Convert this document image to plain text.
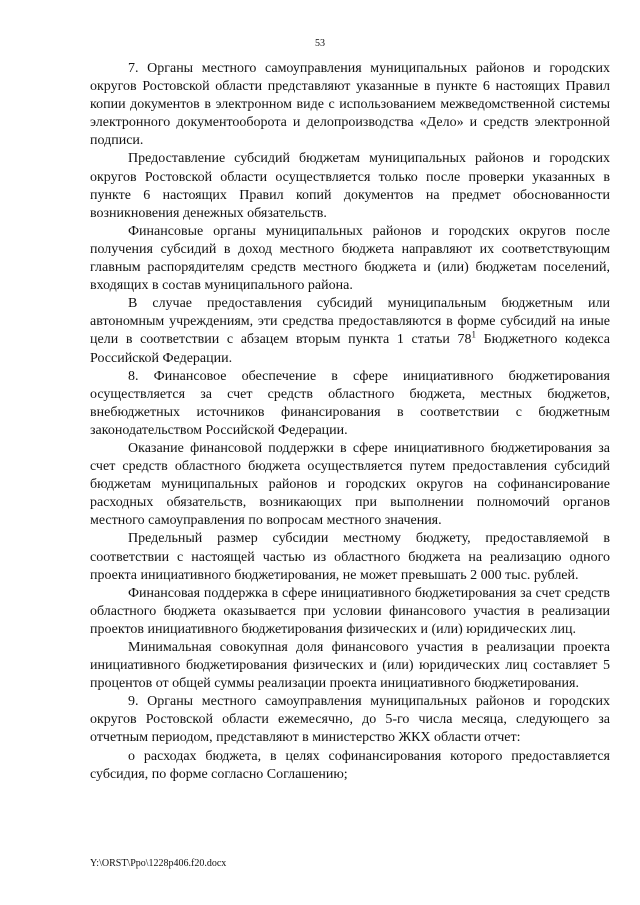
53

7. Органы местного самоуправления муниципальных районов и городских округов Ростовской области представляют указанные в пункте 6 настоящих Правил копии документов в электронном виде с использованием межведомственной системы электронного документооборота и делопроизводства «Дело» и средств электронной подписи.

Предоставление субсидий бюджетам муниципальных районов и городских округов Ростовской области осуществляется только после проверки указанных в пункте 6 настоящих Правил копий документов на предмет обоснованности возникновения денежных обязательств.

Финансовые органы муниципальных районов и городских округов после получения субсидий в доход местного бюджета направляют их соответствующим главным распорядителям средств местного бюджета и (или) бюджетам поселений, входящих в состав муниципального района.

В случае предоставления субсидий муниципальным бюджетным или автономным учреждениям, эти средства предоставляются в форме субсидий на иные цели в соответствии с абзацем вторым пункта 1 статьи $78^1$ Бюджетного кодекса Российской Федерации.

8. Финансовое обеспечение в сфере инициативного бюджетирования осуществляется за счет средств областного бюджета, местных бюджетов, внебюджетных источников финансирования в соответствии с бюджетным законодательством Российской Федерации.

Оказание финансовой поддержки в сфере инициативного бюджетирования за счет средств областного бюджета осуществляется путем предоставления субсидий бюджетам муниципальных районов и городских округов на софинансирование расходных обязательств, возникающих при выполнении полномочий органов местного самоуправления по вопросам местного значения.

Предельный размер субсидии местному бюджету, предоставляемой в соответствии с настоящей частью из областного бюджета на реализацию одного проекта инициативного бюджетирования, не может превышать 2 000 тыс. рублей.

Финансовая поддержка в сфере инициативного бюджетирования за счет средств областного бюджета оказывается при условии финансового участия в реализации проектов инициативного бюджетирования физических и (или) юридических лиц.

Минимальная совокупная доля финансового участия в реализации проекта инициативного бюджетирования физических и (или) юридических лиц составляет 5 процентов от общей суммы реализации проекта инициативного бюджетирования.

9. Органы местного самоуправления муниципальных районов и городских округов Ростовской области ежемесячно, до 5-го числа месяца, следующего за отчетным периодом, представляют в министерство ЖКХ области отчет:

о расходах бюджета, в целях софинансирования которого предоставляется субсидия, по форме согласно Соглашению;

Y:\ORST\Ppo\1228p406.f20.docx
